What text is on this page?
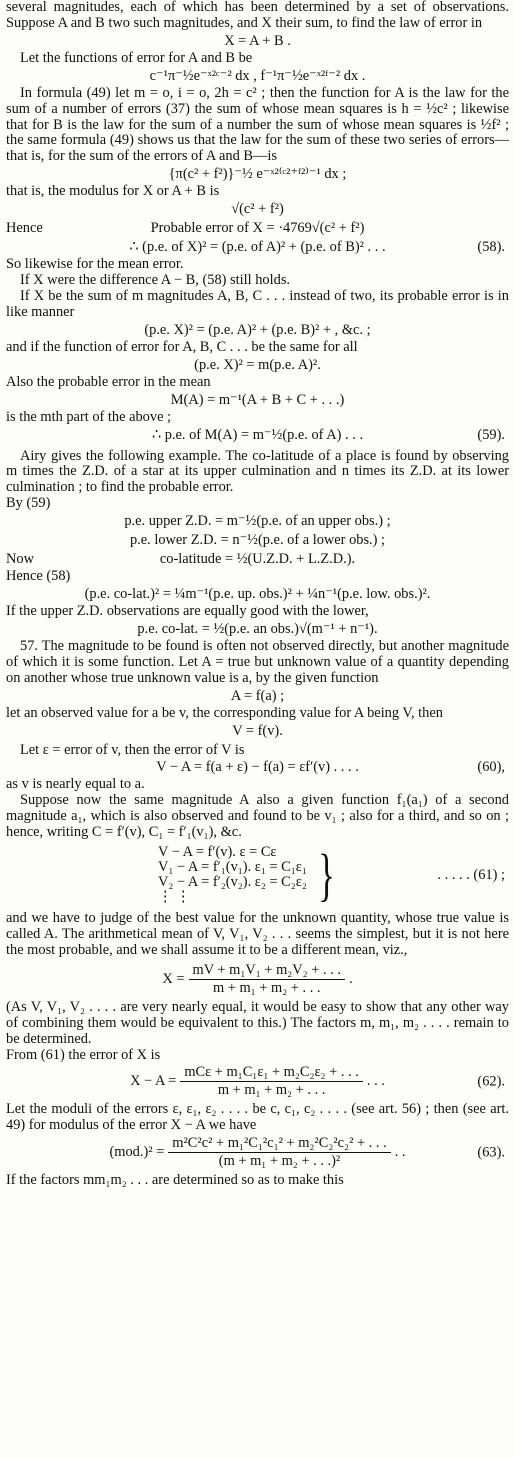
several magnitudes, each of which has been determined by a set of observations. Suppose A and B two such magnitudes, and X their sum, to find the law of error in

X = A + B .

Let the functions of error for A and B be

c⁻¹π⁻½e⁻ˣ²ᶜ⁻² dx , f⁻¹π⁻½e⁻ˣ²ᶠ⁻² dx .

In formula (49) let m = o, i = o, 2h = c² ; then the function for A is the law for the sum of a number of errors (37) the sum of whose mean squares is h = ½c² ; likewise that for B is the law for the sum of a number the sum of whose mean squares is ½f² ; the same formula (49) shows us that the law for the sum of these two series of errors—that is, for the sum of the errors of A and B—is

{π(c² + f²)}⁻½ e⁻ˣ²⁽ᶜ²⁺ᶠ²⁾⁻¹ dx ;

that is, the modulus for X or A + B is

√(c² + f²)
Hence	Probable error of X = ·4769√(c² + f²)
∴ (p.e. of X)² = (p.e. of A)² + (p.e. of B)² . . .	(58).

So likewise for the mean error.

If X were the difference A − B, (58) still holds.

If X be the sum of m magnitudes A, B, C . . . instead of two, its probable error is in like manner

(p.e. X)² = (p.e. A)² + (p.e. B)² + , &c. ;

and if the function of error for A, B, C . . . be the same for all

(p.e. X)² = m(p.e. A)².

Also the probable error in the mean

M(A) = m⁻¹(A + B + C + . . .)

is the mth part of the above ;

∴ p.e. of M(A) = m⁻½(p.e. of A) . . .	(59).

Airy gives the following example. The co-latitude of a place is found by observing m times the Z.D. of a star at its upper culmination and n times its Z.D. at its lower culmination ; to find the probable error.

By (59)

p.e. upper Z.D. = m⁻½(p.e. of an upper obs.) ;
p.e. lower Z.D. = n⁻½(p.e. of a lower obs.) ;
Now	co-latitude = ½(U.Z.D. + L.Z.D.).

Hence (58)

(p.e. co-lat.)² = ¼m⁻¹(p.e. up. obs.)² + ¼n⁻¹(p.e. low. obs.)².

If the upper Z.D. observations are equally good with the lower,

p.e. co-lat. = ½(p.e. an obs.)√(m⁻¹ + n⁻¹).

57. The magnitude to be found is often not observed directly, but another magnitude of which it is some function. Let A = true but unknown value of a quantity depending on another whose true unknown value is a, by the given function

A = f(a) ;

let an observed value for a be v, the corresponding value for A being V, then

V = f(v).

Let ε = error of v, then the error of V is

V − A = f(a + ε) − f(a) = εf′(v) . . . .	(60),

as v is nearly equal to a.

Suppose now the same magnitude A also a given function f₁(a₁) of a second magnitude a₁, which is also observed and found to be v₁ ; also for a third, and so on ; hence, writing C = f′(v), C₁ = f′₁(v₁), &c.

V − A = f′(v). ε = Cε
V₁ − A = f′₁(v₁). ε₁ = C₁ε₁
V₂ − A = f′₂(v₂). ε₂ = C₂ε₂
⋮ ⋮	}	. . . . . (61) ;

and we have to judge of the best value for the unknown quantity, whose true value is called A. The arithmetical mean of V, V₁, V₂ . . . seems the simplest, but it is not here the most probable, and we shall assume it to be a different mean, viz.,

$X = \frac{\text{mV + m₁V₁ + m₂V₂ + . . .}}{\text{m + m₁ + m₂ + . . .}}$ .

(As V, V₁, V₂ . . . . are very nearly equal, it would be easy to show that any other way of combining them would be equivalent to this.) The factors m, m₁, m₂ . . . . remain to be determined.

From (61) the error of X is

$X - A = \frac{\text{mCε + m₁C₁ε₁ + m₂C₂ε₂ + . . .}}{\text{m + m₁ + m₂ + . . .}}$ . . .	(62).

Let the moduli of the errors ε, ε₁, ε₂ . . . . be c, c₁, c₂ . . . . (see art. 56) ; then (see art. 49) for modulus of the error X − A we have

$(mod.)^2 = \frac{\text{m²C²c² + m₁²C₁²c₁² + m₂²C₂²c₂² + . . .}}{\text{(m + m₁ + m₂ + . . .)²}}$ . .	(63).

If the factors mm₁m₂ . . . are determined so as to make this
